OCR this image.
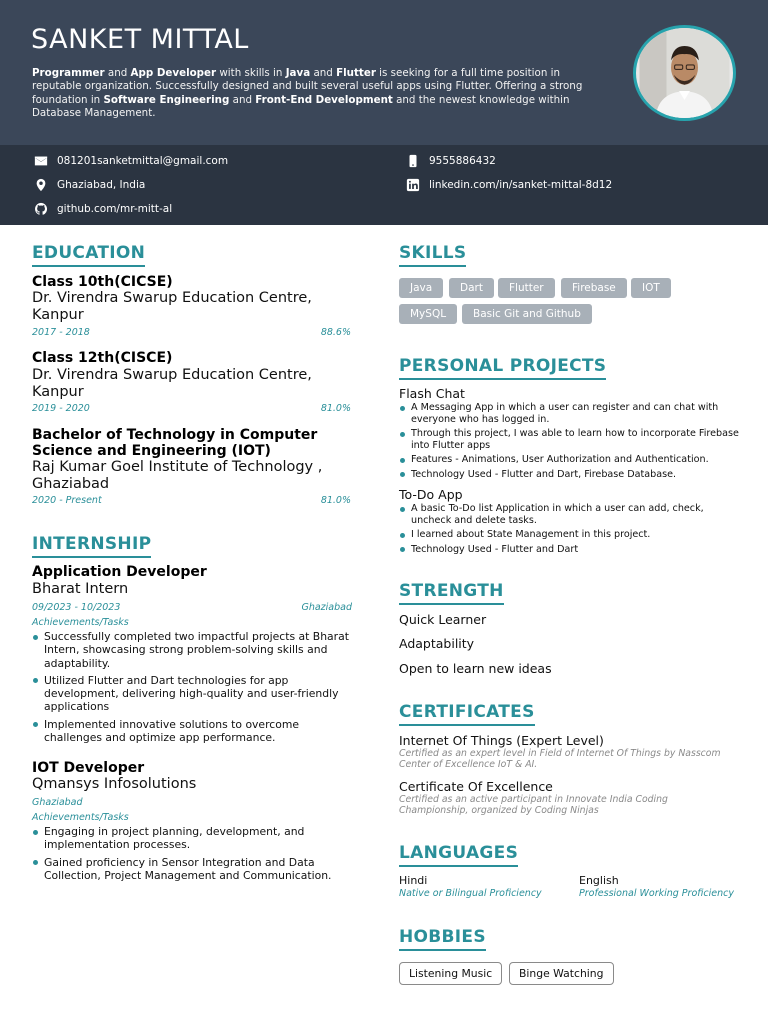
SANKET MITTAL
Programmer and App Developer with skills in Java and Flutter is seeking for a full time position in reputable organization. Successfully designed and built several useful apps using Flutter. Offering a strong foundation in Software Engineering and Front-End Development and the newest knowledge within Database Management.
081201sanketmittal@gmail.com	9555886432
Ghaziabad, India	linkedin.com/in/sanket-mittal-8d12
github.com/mr-mitt-al
EDUCATION
Class 10th(CICSE)
Dr. Virendra Swarup Education Centre, Kanpur
2017 - 2018	88.6%
Class 12th(CISCE)
Dr. Virendra Swarup Education Centre, Kanpur
2019 - 2020	81.0%
Bachelor of Technology in Computer Science and Engineering (IOT)
Raj Kumar Goel Institute of Technology , Ghaziabad
2020 - Present	81.0%
INTERNSHIP
Application Developer
Bharat Intern
09/2023 - 10/2023	Ghaziabad
Achievements/Tasks
Successfully completed two impactful projects at Bharat Intern, showcasing strong problem-solving skills and adaptability.
Utilized Flutter and Dart technologies for app development, delivering high-quality and user-friendly applications
Implemented innovative solutions to overcome challenges and optimize app performance.
IOT Developer
Qmansys Infosolutions
Ghaziabad
Achievements/Tasks
Engaging in project planning, development, and implementation processes.
Gained proficiency in Sensor Integration and Data Collection, Project Management and Communication.
SKILLS
Java	Dart	Flutter	Firebase	IOT
MySQL	Basic Git and Github
PERSONAL PROJECTS
Flash Chat
A Messaging App in which a user can register and can chat with everyone who has logged in.
Through this project, I was able to learn how to incorporate Firebase into Flutter apps
Features - Animations, User Authorization and Authentication.
Technology Used - Flutter and Dart, Firebase Database.
To-Do App
A basic To-Do list Application in which a user can add, check, uncheck and delete tasks.
I learned about State Management in this project.
Technology Used - Flutter and Dart
STRENGTH
Quick Learner
Adaptability
Open to learn new ideas
CERTIFICATES
Internet Of Things (Expert Level)
Certified as an expert level in Field of Internet Of Things by Nasscom Center of Excellence IoT & AI.
Certificate Of Excellence
Certified as an active participant in Innovate India Coding Championship, organized by Coding Ninjas
LANGUAGES
Hindi
Native or Bilingual Proficiency
English
Professional Working Proficiency
HOBBIES
Listening Music	Binge Watching
